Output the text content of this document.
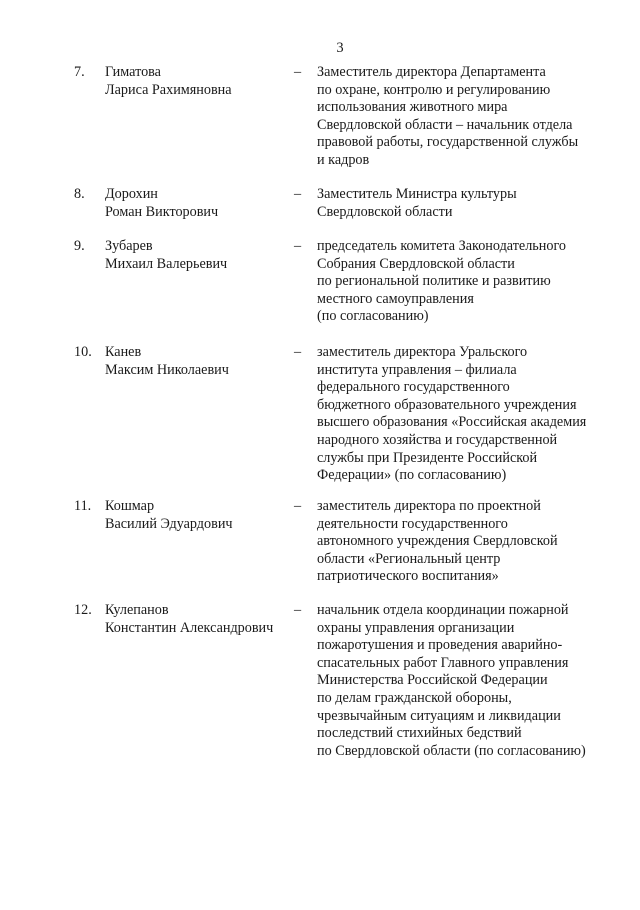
3
7. Гиматова
Лариса Рахимяновна
– Заместитель директора Департамента
по охране, контролю и регулированию
использования животного мира
Свердловской области – начальник отдела
правовой работы, государственной службы
и кадров
8. Дорохин
Роман Викторович
– Заместитель Министра культуры
Свердловской области
9. Зубарев
Михаил Валерьевич
– председатель комитета Законодательного
Собрания Свердловской области
по региональной политике и развитию
местного самоуправления
(по согласованию)
10. Канев
Максим Николаевич
– заместитель директора Уральского
института управления – филиала
федерального государственного
бюджетного образовательного учреждения
высшего образования «Российская академия
народного хозяйства и государственной
службы при Президенте Российской
Федерации» (по согласованию)
11. Кошмар
Василий Эдуардович
– заместитель директора по проектной
деятельности государственного
автономного учреждения Свердловской
области «Региональный центр
патриотического воспитания»
12. Кулепанов
Константин Александрович
– начальник отдела координации пожарной
охраны управления организации
пожаротушения и проведения аварийно-
спасательных работ Главного управления
Министерства Российской Федерации
по делам гражданской обороны,
чрезвычайным ситуациям и ликвидации
последствий стихийных бедствий
по Свердловской области (по согласованию)
